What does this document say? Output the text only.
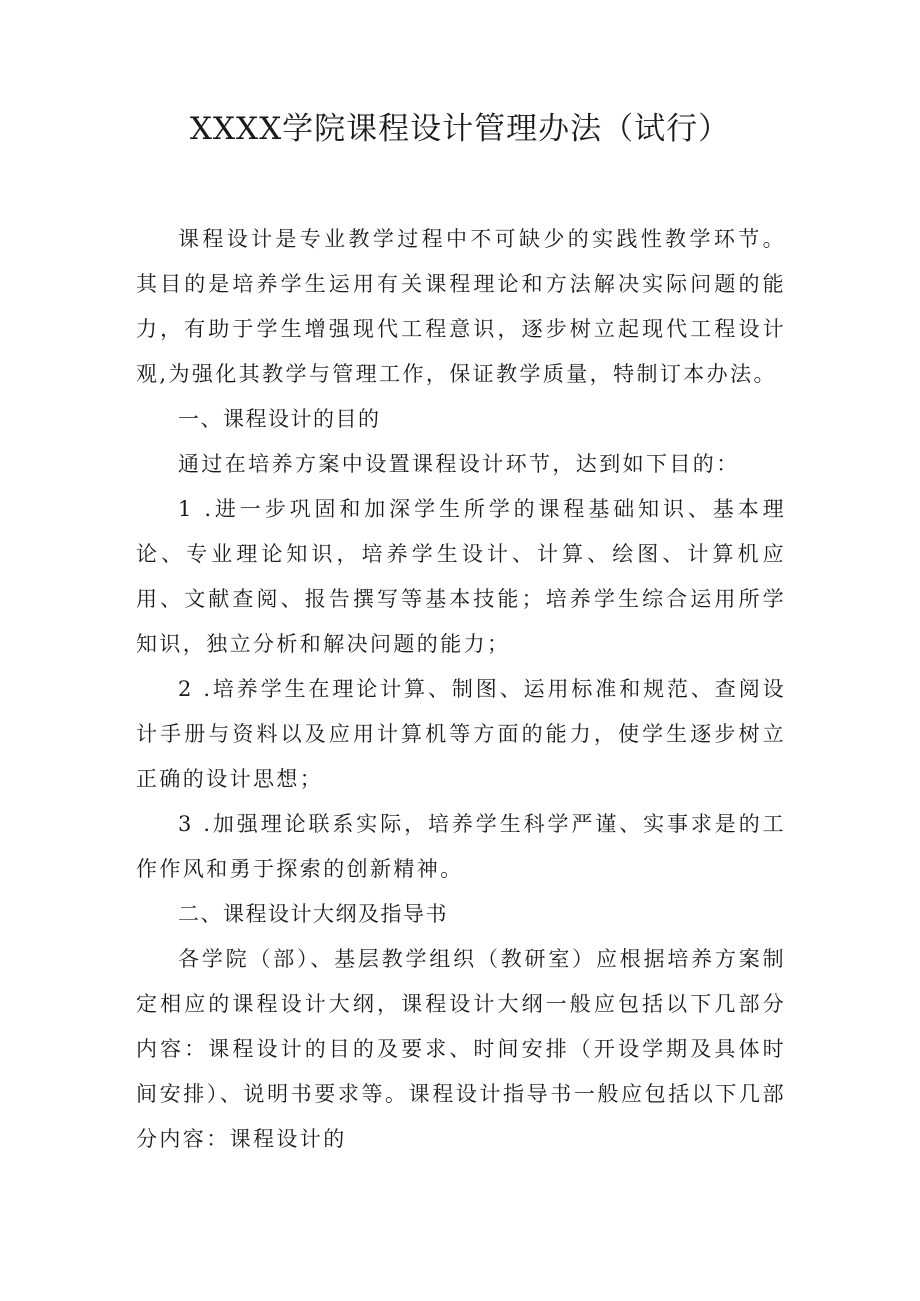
XXXX学院课程设计管理办法（试行）

课程设计是专业教学过程中不可缺少的实践性教学环节。其目的是培养学生运用有关课程理论和方法解决实际问题的能力，有助于学生增强现代工程意识，逐步树立起现代工程设计观,为强化其教学与管理工作，保证教学质量，特制订本办法。

一、课程设计的目的

通过在培养方案中设置课程设计环节，达到如下目的：

1 .进一步巩固和加深学生所学的课程基础知识、基本理论、专业理论知识，培养学生设计、计算、绘图、计算机应用、文献查阅、报告撰写等基本技能；培养学生综合运用所学知识，独立分析和解决问题的能力；

2 .培养学生在理论计算、制图、运用标准和规范、查阅设计手册与资料以及应用计算机等方面的能力，使学生逐步树立正确的设计思想；

3 .加强理论联系实际，培养学生科学严谨、实事求是的工作作风和勇于探索的创新精神。

二、课程设计大纲及指导书

各学院（部）、基层教学组织（教研室）应根据培养方案制定相应的课程设计大纲，课程设计大纲一般应包括以下几部分内容：课程设计的目的及要求、时间安排（开设学期及具体时间安排）、说明书要求等。课程设计指导书一般应包括以下几部分内容：课程设计的
